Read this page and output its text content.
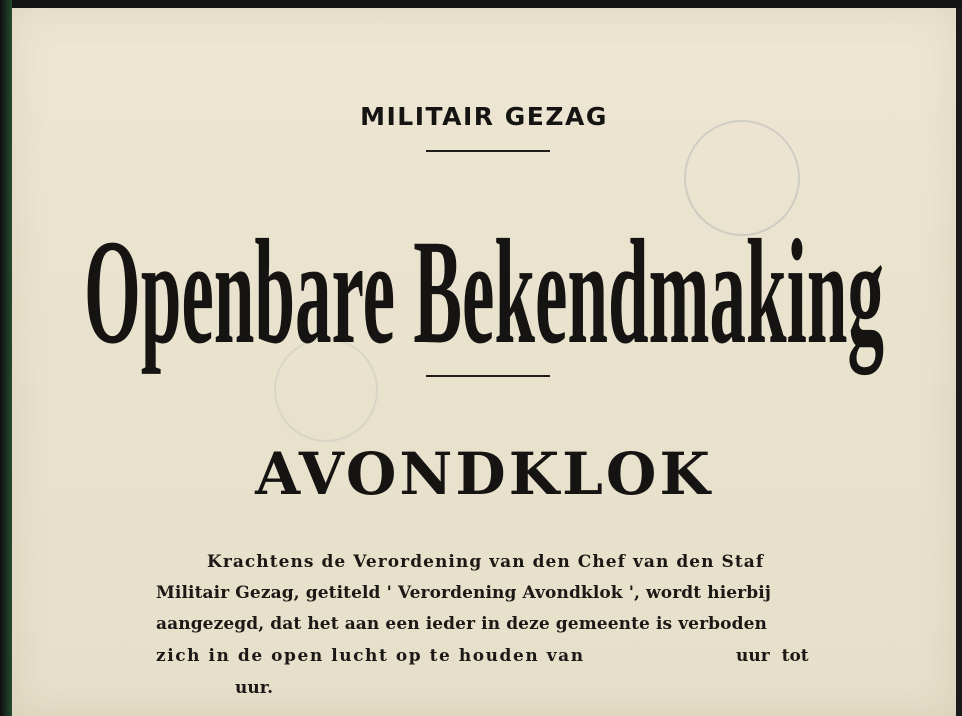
MILITAIR GEZAG
Openbare Bekendmaking
AVONDKLOK
Krachtens de Verordening van den Chef van den Staf
Militair Gezag, getiteld ' Verordening Avondklok ', wordt hierbij
aangezegd, dat het aan een ieder in deze gemeente is verboden
zich in de open lucht op te houden van	uur tot
uur.
